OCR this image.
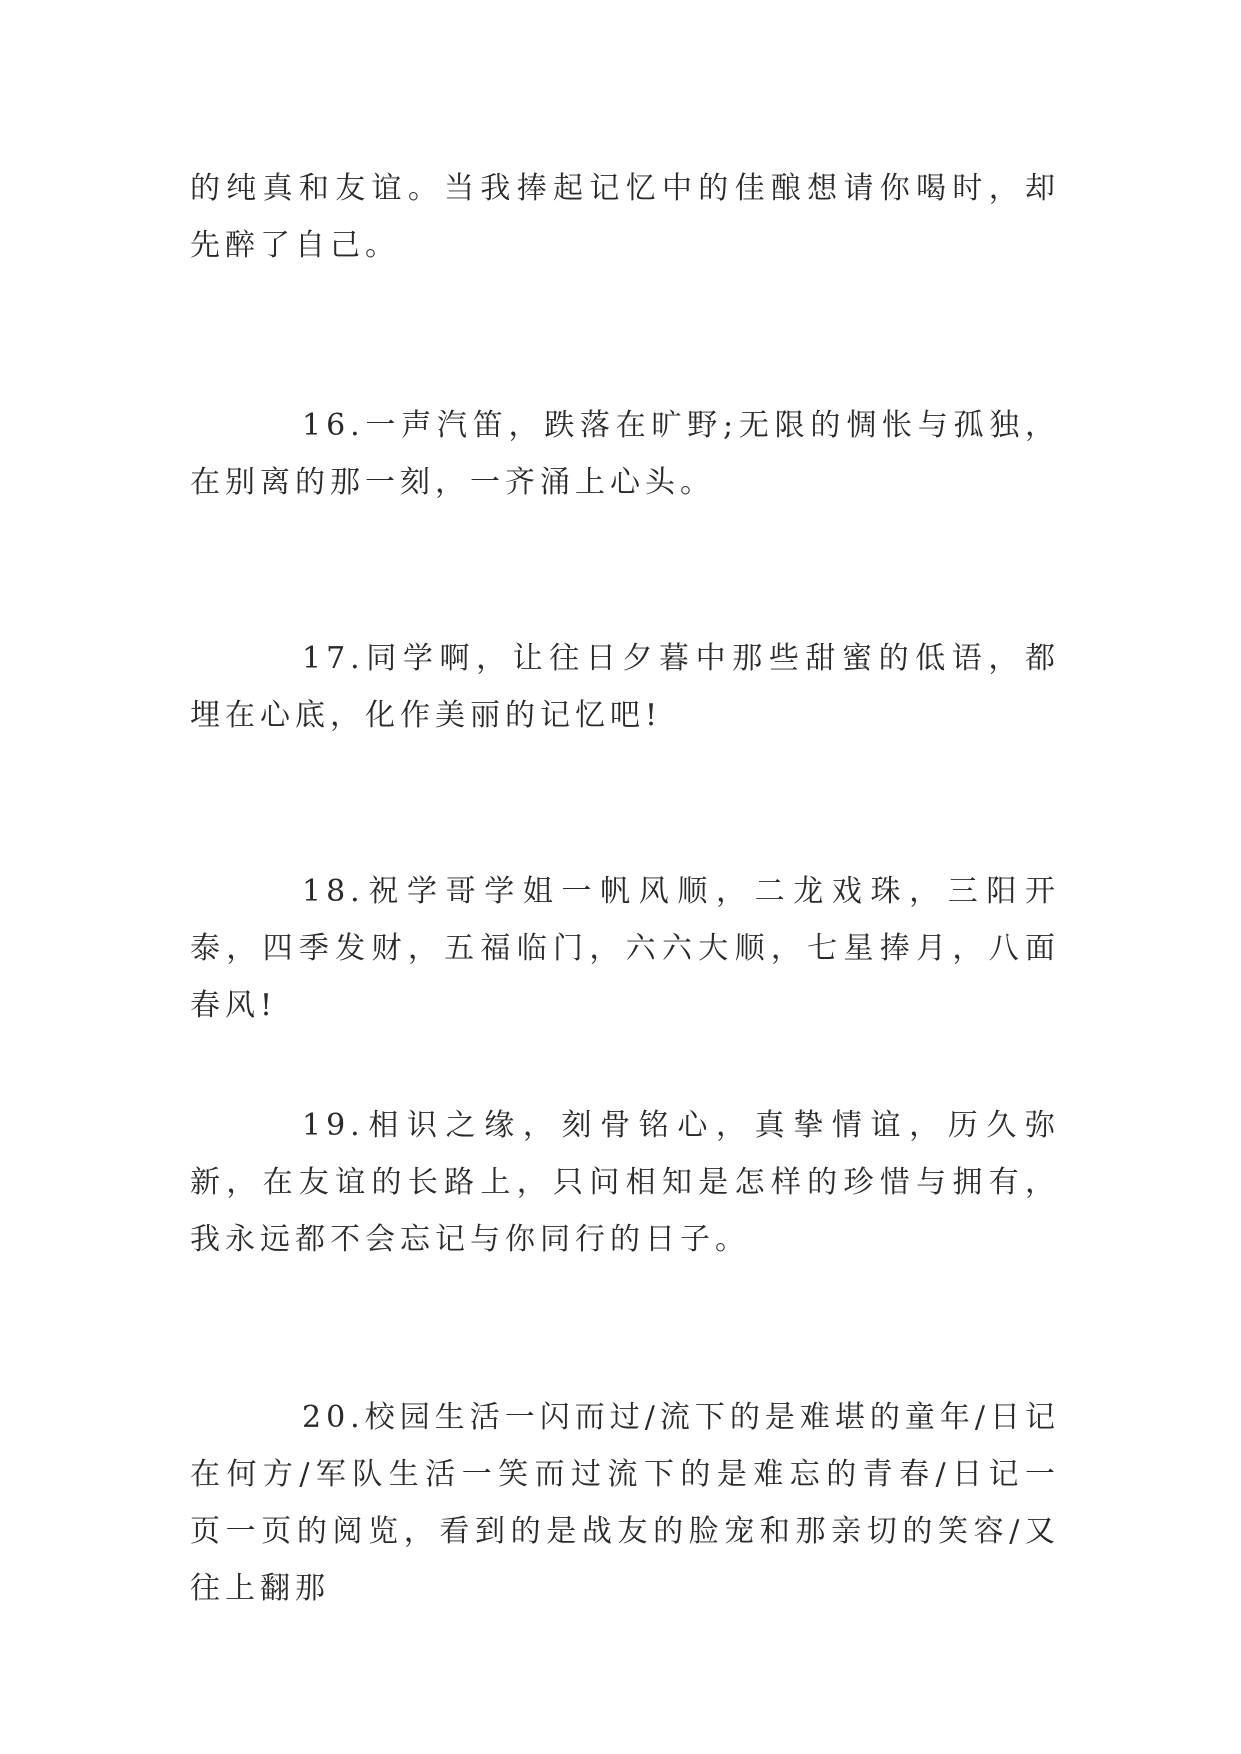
的纯真和友谊。当我捧起记忆中的佳酿想请你喝时，却先醉了自己。

16.一声汽笛，跌落在旷野;无限的惆怅与孤独，在别离的那一刻，一齐涌上心头。

17.同学啊，让往日夕暮中那些甜蜜的低语，都埋在心底，化作美丽的记忆吧!

18.祝学哥学姐一帆风顺，二龙戏珠，三阳开泰，四季发财，五福临门，六六大顺，七星捧月，八面春风!

19.相识之缘，刻骨铭心，真挚情谊，历久弥新，在友谊的长路上，只问相知是怎样的珍惜与拥有，我永远都不会忘记与你同行的日子。

20.校园生活一闪而过/流下的是难堪的童年/日记在何方/军队生活一笑而过流下的是难忘的青春/日记一页一页的阅览，看到的是战友的脸宠和那亲切的笑容/又往上翻那
